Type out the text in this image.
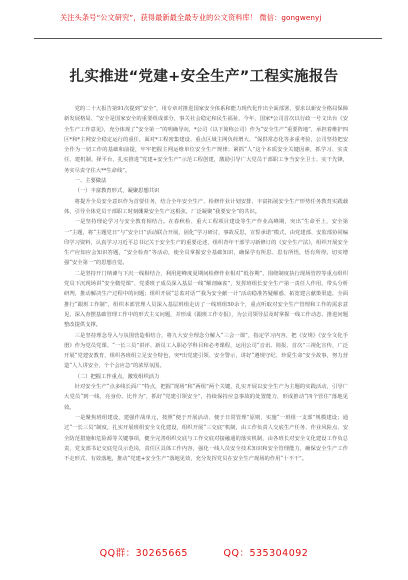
关注头条号“公文研究”，获得最新最全最专业的公文资料库！ 微信：gongwenyj
扎实推进“党建+安全生产”工程实施报告

党的二十大报告第91次提到“安全”，用专章对推进国家安全体系和能力现代化作出全面部署，要求以新安全格局保障新发展格局、“安全是国家安全的重要组成部分，事关社会稳定和民生福祉，今年，国家*公司首次以行政一号文出台《安全生产工作意见》，充分体现了“安全第一”的明确导向，*公司（以下简称公司）作为“安全生产“重要阵地”，承担着维护四区*和*主网安全稳定运行的重任，面对*工程密集建设、重点区域主网负荷增大、“保供常态化等多重考验，公司坚持把安全作为一切工作的基础和前提，牢牢把握主网运维单位安全生产规律；紧抓“人”这个本质安全关键因素，抓学习、实责任、建机制、择平台，扎实推进“党建+安全生产”示范工程创建，激励引导广大党员干部职工争当安全卫士、实干先锋，务实尽责守住大**生命线”。

一、主要做法

（一）丰富教育形式，凝聚思想共识

将提升全员安全意识作为首要任务，结合全年安全生产、检修作业计划安排，丰富拓展安全生产形势任务教育实践载体，引导全体党员干部职工时刻绷紧安全生产这根弦，厂泛凝聚“我要安全”的共识。

一是坚持理论学习与安全教育相结合。在春秋检、重大工程项目建设等生产作业高峰期，突出“生命至上，安全第一”主题，将“主题党日”与“安全日”活动联合开展，固化“学习研讨，事故反思，宣誓承诺”模式，由党建部、安监部协同编印学习资料，认真学习习近平总书记关于安全生产的重要论述，组织青年干部学习新修订的《安全生产法》，组织开展安全生产应知应会知识答题，“安全检查”等活动，使全员掌握安全基础知识，确保学有所思、思有所悟，悟有所得。切实增强“安全第一”的思想自觉。

二是坚持开门纳谏与下沉一线相结合，利用迎峰度夏期间检修作业相对“低谷期”，围绕制度执行现场管控等重点组织党员下沉现场讲“安全微党课”、党委班子成员深入基层一线“解剖麻雀”，发挥班组长安全生产第一责任人作用，带头分析研判，推动解决生产过程中的问题；组织开展“总监对话”“我为安全献一计”活动稳准答疑解惑、拓宽建言献策渠道，全面推行“跟班工作制”，组织本部管理人员深入基层班组走访了一线班组50余个，重点听取对安全生产管理和工作的需求意见，深入查摆基础管理工作中的形式主义问题，并形成《跟班工作专报》，为公司领导层及时掌握一线工作动态、推进问题整改提供支撑。

三是坚持理念导入与氛围营造相结合，将九大安全理念分解入“三会一课”，指定学习内容，把《安规》《安全文化手册》作为党员党课、“一长三员”讲评、新员工入职必学科目和必考课程，运用公司“音讯、简报、首次”三视化宣传，广泛开展“党建安教育，组织各班组立足安全特色，突*出党建引领、安全警示，讲好“遵规守纪、珍爱生命”安全故事，努力营造“人人讲安全、个个会应急”的浓厚氛围。

（二）把握工作重点，激发组织活力

针对安全生产“点多线长面广”特点，把握“现场”和“两组”两个关键，扎实开展以安全生产为主题的实践活动，引导广大党员“到一线、亮身份、比作为”，抓好“党建引领安全”，持续保持应急事故的处置能力，形成推动“四个管住”落地见效。

一是聚焦班组建设，建强作战单元，按照“便于开展活动、便于日常管理”原则，实施“一班组一支部”规模建设；通过“一长三员”制度，扎实开展班组安全文化建设，组织开展“三交底”机制，由工作负责人交底生产任务、作业风险点、安全防范措施和危险源等关键事项，健全完善组织交底与工作交底对接融通的落实机制，由各班长对安全文化建设工作负总责，党支部书记交底党员示范岗，责任区具体工作内容，强化一线人员安全技术知识和安全管理能力，确保安全生产工作不走形式、有效落地，推动“党建+安全生产”落地见效，充分发挥党员在安全生产现场的作用“十不干”。

QQ群：30265665	QQ：535304092
